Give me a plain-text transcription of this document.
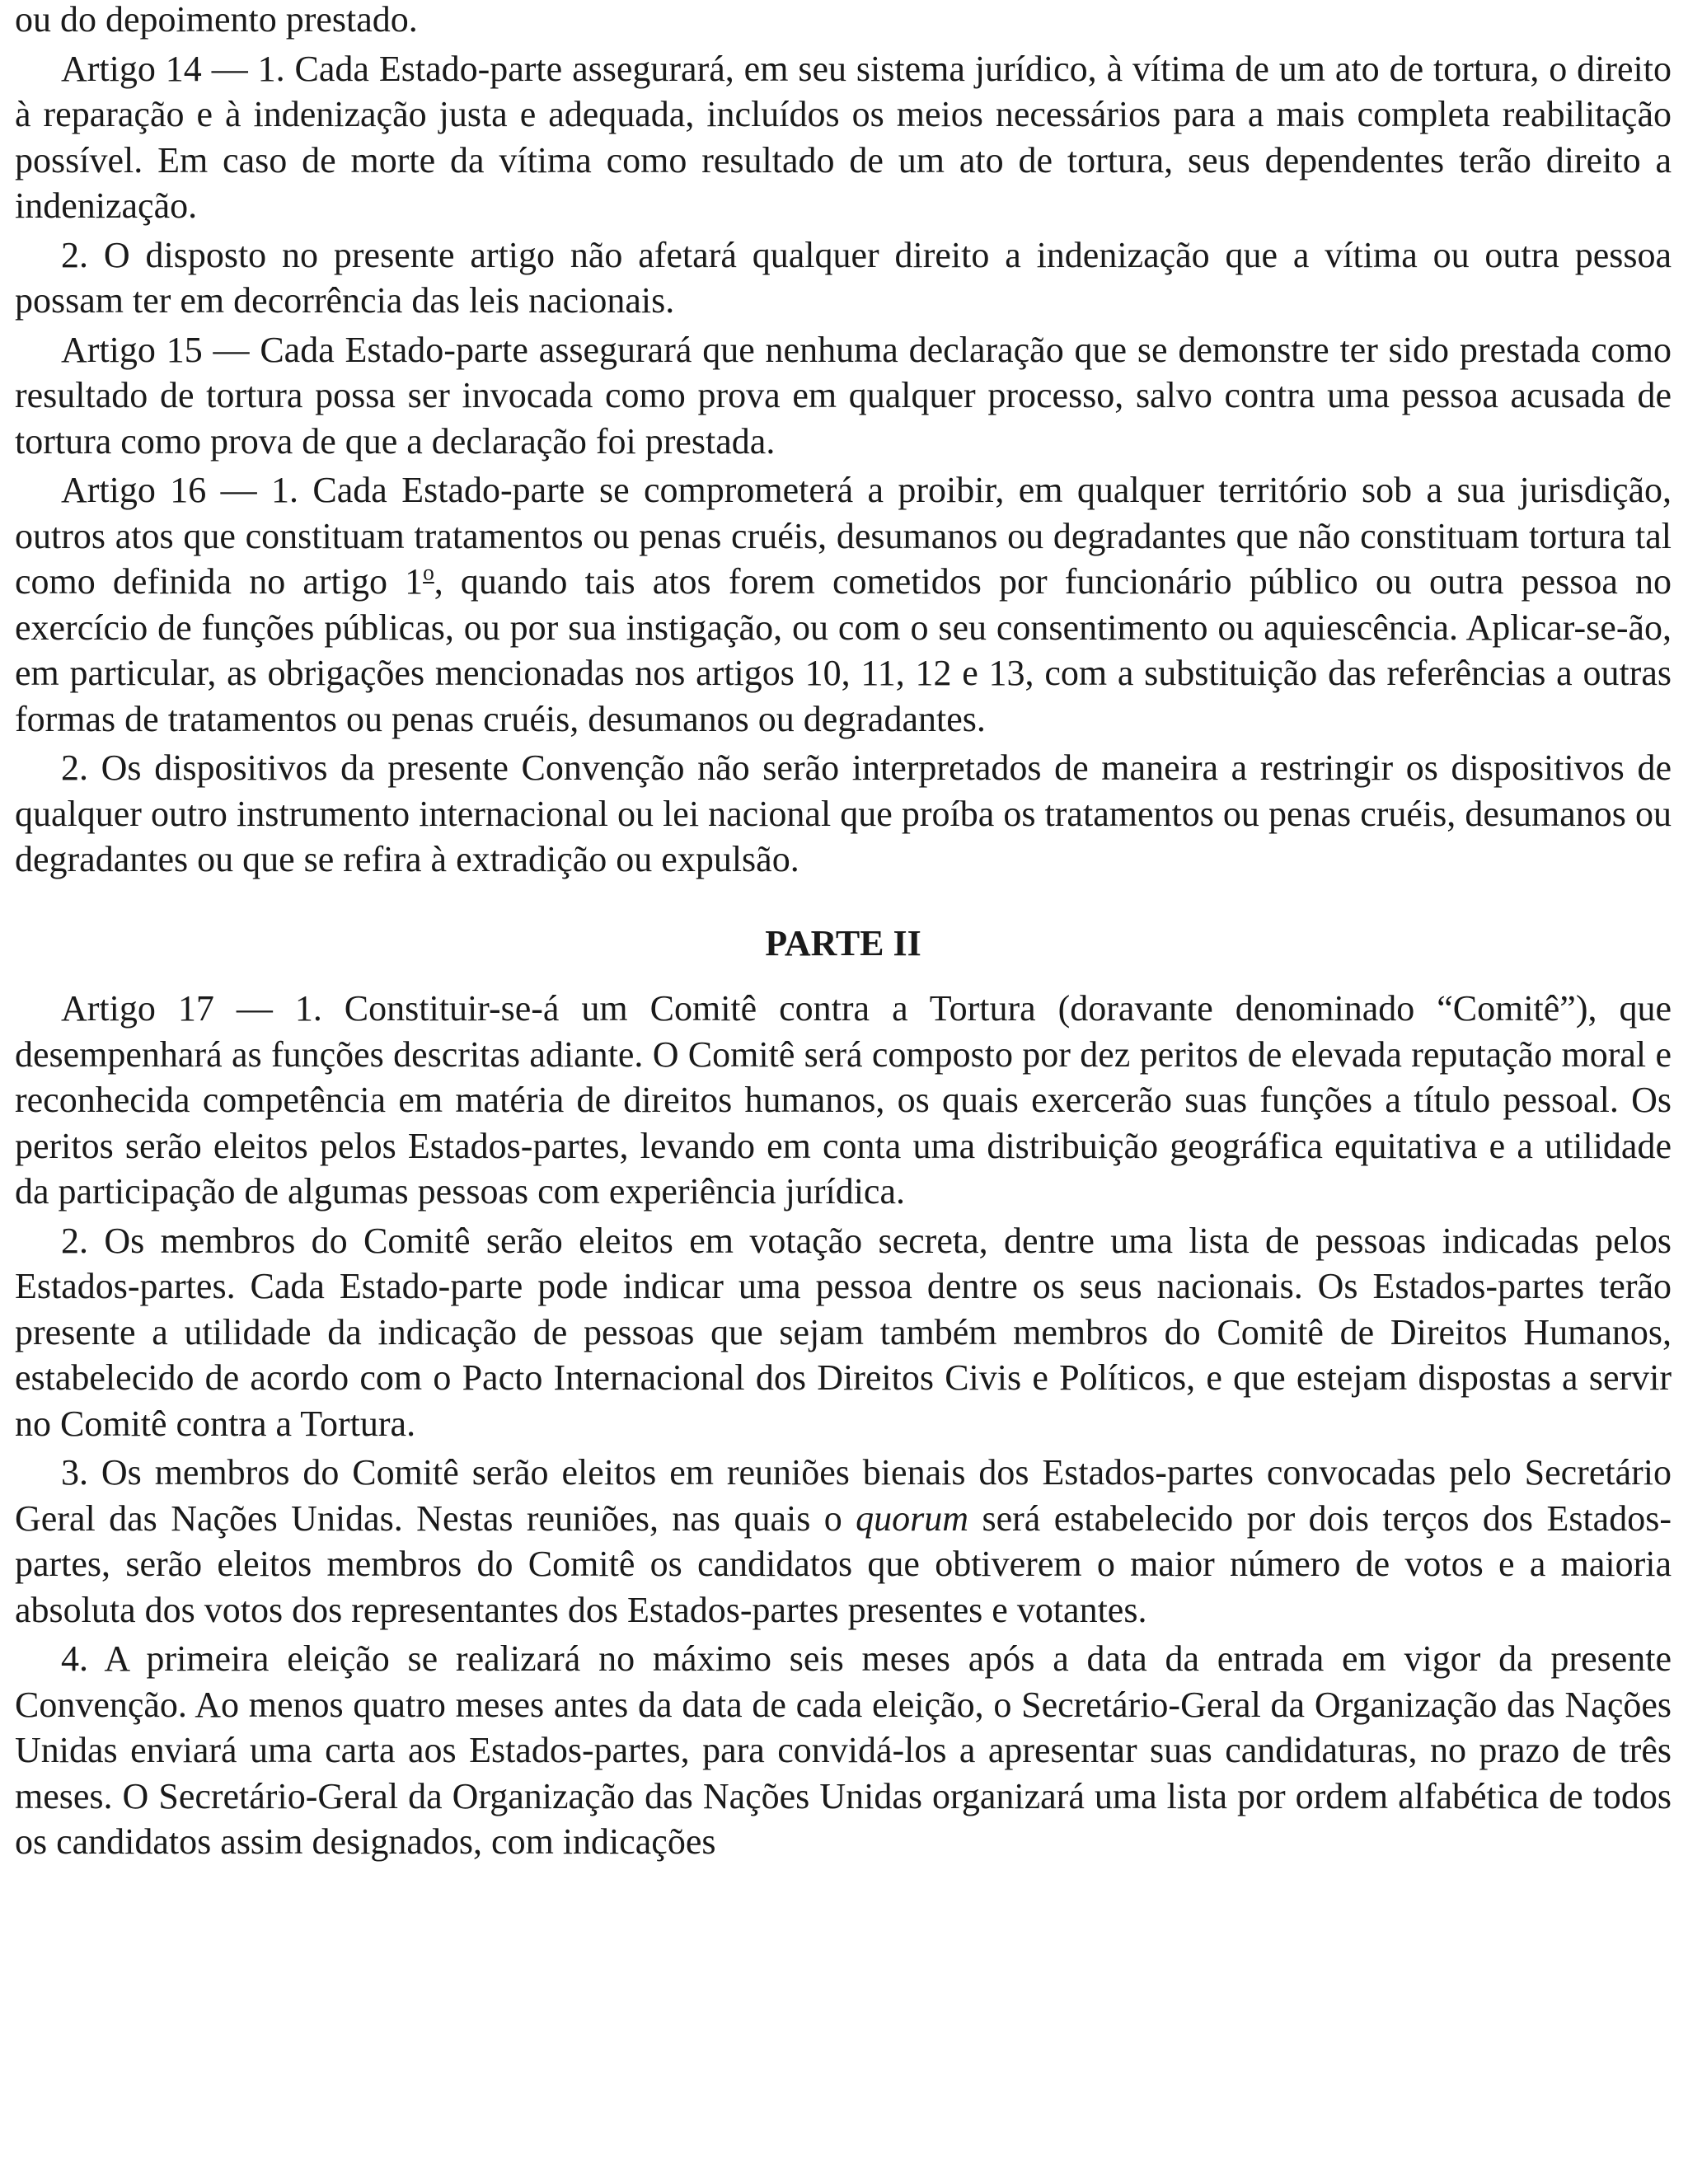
ou do depoimento prestado.

Artigo 14 — 1. Cada Estado-parte assegurará, em seu sistema jurídico, à vítima de um ato de tortura, o direito à reparação e à indenização justa e adequada, incluídos os meios necessários para a mais completa reabilitação possível. Em caso de morte da vítima como resultado de um ato de tortura, seus dependentes terão direito a indenização.

2. O disposto no presente artigo não afetará qualquer direito a indenização que a vítima ou outra pessoa possam ter em decorrência das leis nacionais.

Artigo 15 — Cada Estado-parte assegurará que nenhuma declaração que se demonstre ter sido prestada como resultado de tortura possa ser invocada como prova em qualquer processo, salvo contra uma pessoa acusada de tortura como prova de que a declaração foi prestada.

Artigo 16 — 1. Cada Estado-parte se comprometerá a proibir, em qualquer território sob a sua jurisdição, outros atos que constituam tratamentos ou penas cruéis, desumanos ou degradantes que não constituam tortura tal como definida no artigo 1$^o$, quando tais atos forem cometidos por funcionário público ou outra pessoa no exercício de funções públicas, ou por sua instigação, ou com o seu consentimento ou aquiescência. Aplicar-se-ão, em particular, as obrigações mencionadas nos artigos 10, 11, 12 e 13, com a substituição das referências a outras formas de tratamentos ou penas cruéis, desumanos ou degradantes.

2. Os dispositivos da presente Convenção não serão interpretados de maneira a restringir os dispositivos de qualquer outro instrumento internacional ou lei nacional que proíba os tratamentos ou penas cruéis, desumanos ou degradantes ou que se refira à extradição ou expulsão.

PARTE II

Artigo 17 — 1. Constituir-se-á um Comitê contra a Tortura (doravante denominado “Comitê”), que desempenhará as funções descritas adiante. O Comitê será composto por dez peritos de elevada reputação moral e reconhecida competência em matéria de direitos humanos, os quais exercerão suas funções a título pessoal. Os peritos serão eleitos pelos Estados-partes, levando em conta uma distribuição geográfica equitativa e a utilidade da participação de algumas pessoas com experiência jurídica.

2. Os membros do Comitê serão eleitos em votação secreta, dentre uma lista de pessoas indicadas pelos Estados-partes. Cada Estado-parte pode indicar uma pessoa dentre os seus nacionais. Os Estados-partes terão presente a utilidade da indicação de pessoas que sejam também membros do Comitê de Direitos Humanos, estabelecido de acordo com o Pacto Internacional dos Direitos Civis e Políticos, e que estejam dispostas a servir no Comitê contra a Tortura.

3. Os membros do Comitê serão eleitos em reuniões bienais dos Estados-partes convocadas pelo Secretário Geral das Nações Unidas. Nestas reuniões, nas quais o quorum será estabelecido por dois terços dos Estados-partes, serão eleitos membros do Comitê os candidatos que obtiverem o maior número de votos e a maioria absoluta dos votos dos representantes dos Estados-partes presentes e votantes.

4. A primeira eleição se realizará no máximo seis meses após a data da entrada em vigor da presente Convenção. Ao menos quatro meses antes da data de cada eleição, o Secretário-Geral da Organização das Nações Unidas enviará uma carta aos Estados-partes, para convidá-los a apresentar suas candidaturas, no prazo de três meses. O Secretário-Geral da Organização das Nações Unidas organizará uma lista por ordem alfabética de todos os candidatos assim designados, com indicações
